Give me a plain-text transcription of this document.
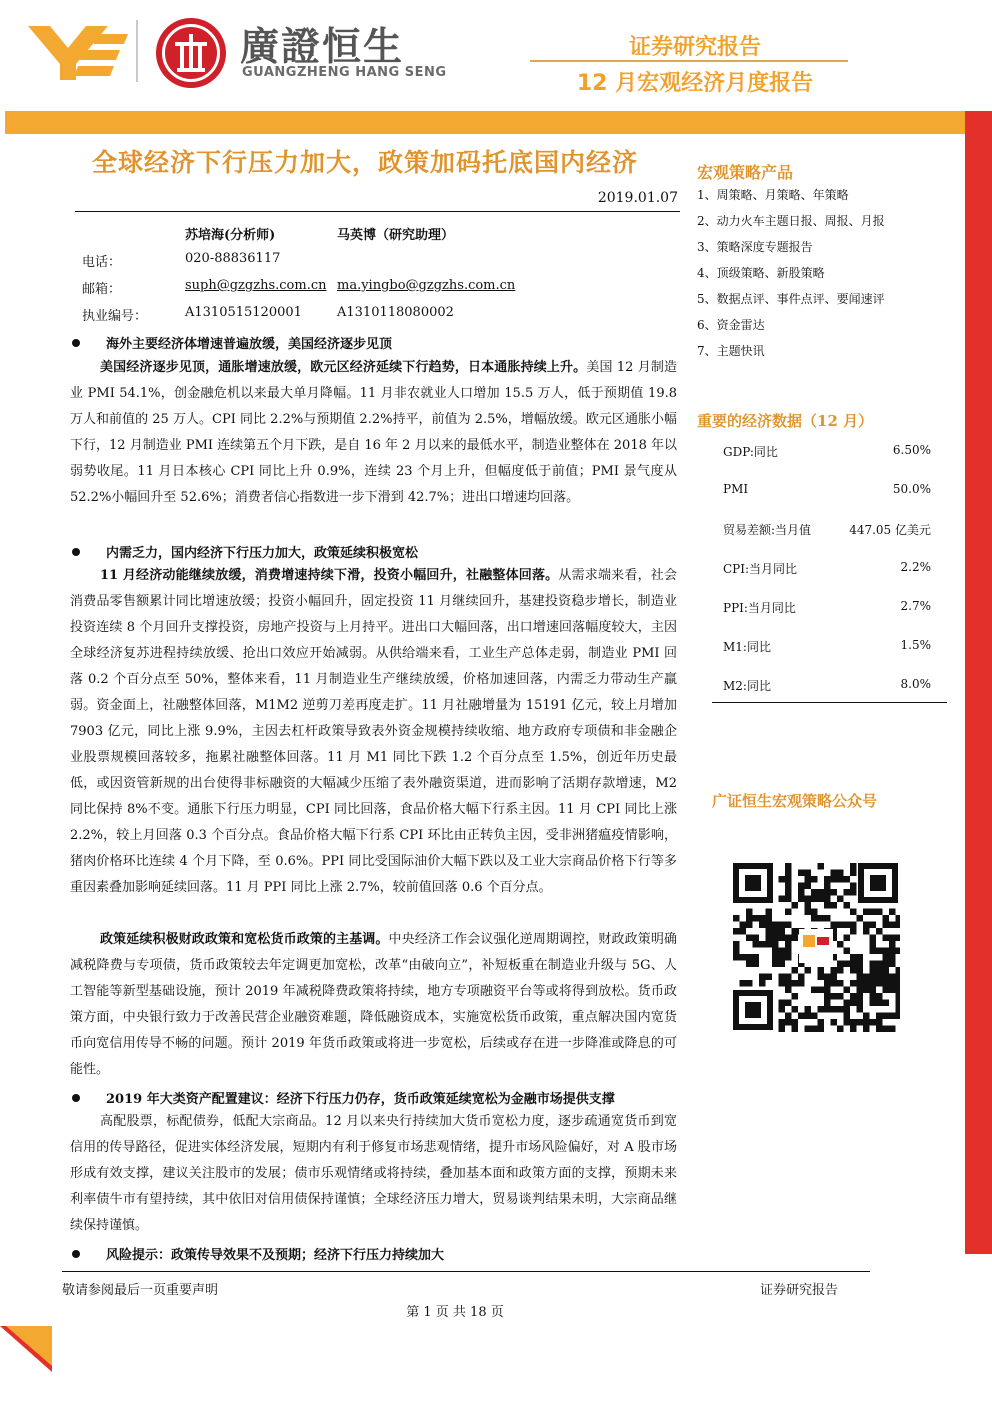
廣證恒生
GUANGZHENG HANG SENG
证券研究报告
12 月宏观经济月度报告
全球经济下行压力加大，政策加码托底国内经济
2019.01.07
苏培海(分析师)	马英博（研究助理）
电话：	020-88836117
邮箱：	suph@gzgzhs.com.cn ma.yingbo@gzgzhs.com.cn
执业编号：	A1310515120001	A1310118080002
海外主要经济体增速普遍放缓，美国经济逐步见顶
美国经济逐步见顶，通胀增速放缓，欧元区经济延续下行趋势，日本通胀持续上升。美国 12 月制造业 PMI 54.1%，创金融危机以来最大单月降幅。11 月非农就业人口增加 15.5 万人，低于预期值 19.8 万人和前值的 25 万人。CPI 同比 2.2%与预期值 2.2%持平，前值为 2.5%，增幅放缓。欧元区通胀小幅下行，12 月制造业 PMI 连续第五个月下跌，是自 16 年 2 月以来的最低水平，制造业整体在 2018 年以弱势收尾。11 月日本核心 CPI 同比上升 0.9%，连续 23 个月上升，但幅度低于前值；PMI 景气度从 52.2%小幅回升至 52.6%；消费者信心指数进一步下滑到 42.7%；进出口增速均回落。
内需乏力，国内经济下行压力加大，政策延续积极宽松
11 月经济动能继续放缓，消费增速持续下滑，投资小幅回升，社融整体回落。从需求端来看，社会消费品零售额累计同比增速放缓；投资小幅回升，固定投资 11 月继续回升，基建投资稳步增长，制造业投资连续 8 个月回升支撑投资，房地产投资与上月持平。进出口大幅回落，出口增速回落幅度较大，主因全球经济复苏进程持续放缓、抢出口效应开始减弱。从供给端来看，工业生产总体走弱，制造业 PMI 回落 0.2 个百分点至 50%，整体来看，11 月制造业生产继续放缓，价格加速回落，内需乏力带动生产羸弱。资金面上，社融整体回落，M1M2 逆剪刀差再度走扩。11 月社融增量为 15191 亿元，较上月增加 7903 亿元，同比上涨 9.9%，主因去杠杆政策导致表外资金规模持续收缩、地方政府专项债和非金融企业股票规模回落较多，拖累社融整体回落。11 月 M1 同比下跌 1.2 个百分点至 1.5%，创近年历史最低，或因资管新规的出台使得非标融资的大幅减少压缩了表外融资渠道，进而影响了活期存款增速，M2 同比保持 8%不变。通胀下行压力明显，CPI 同比回落，食品价格大幅下行系主因。11 月 CPI 同比上涨 2.2%，较上月回落 0.3 个百分点。食品价格大幅下行系 CPI 环比由正转负主因，受非洲猪瘟疫情影响，猪肉价格环比连续 4 个月下降，至 0.6%。PPI 同比受国际油价大幅下跌以及工业大宗商品价格下行等多重因素叠加影响延续回落。11 月 PPI 同比上涨 2.7%，较前值回落 0.6 个百分点。
政策延续积极财政政策和宽松货币政策的主基调。中央经济工作会议强化逆周期调控，财政政策明确减税降费与专项债，货币政策较去年定调更加宽松，改革“由破向立”，补短板重在制造业升级与 5G、人工智能等新型基础设施，预计 2019 年减税降费政策将持续，地方专项融资平台等或将得到放松。货币政策方面，中央银行致力于改善民营企业融资难题，降低融资成本，实施宽松货币政策，重点解决国内宽货币向宽信用传导不畅的问题。预计 2019 年货币政策或将进一步宽松，后续或存在进一步降准或降息的可能性。
2019 年大类资产配置建议：经济下行压力仍存，货币政策延续宽松为金融市场提供支撑
高配股票，标配债券，低配大宗商品。12 月以来央行持续加大货币宽松力度，逐步疏通宽货币到宽信用的传导路径，促进实体经济发展，短期内有利于修复市场悲观情绪，提升市场风险偏好，对 A 股市场形成有效支撑，建议关注股市的发展；债市乐观情绪或将持续，叠加基本面和政策方面的支撑，预期未来利率债牛市有望持续，其中依旧对信用债保持谨慎；全球经济压力增大，贸易谈判结果未明，大宗商品继续保持谨慎。
风险提示：政策传导效果不及预期；经济下行压力持续加大
宏观策略产品
1、周策略、月策略、年策略
2、动力火车主题日报、周报、月报
3、策略深度专题报告
4、顶级策略、新股策略
5、数据点评、事件点评、要闻速评
6、资金雷达
7、主题快讯
重要的经济数据（12 月）
GDP:同比	6.50%
PMI	50.0%
贸易差额:当月值	447.05 亿美元
CPI:当月同比	2.2%
PPI:当月同比	2.7%
M1:同比	1.5%
M2:同比	8.0%
广证恒生宏观策略公众号
敬请参阅最后一页重要声明	证券研究报告
第 1 页 共 18 页
